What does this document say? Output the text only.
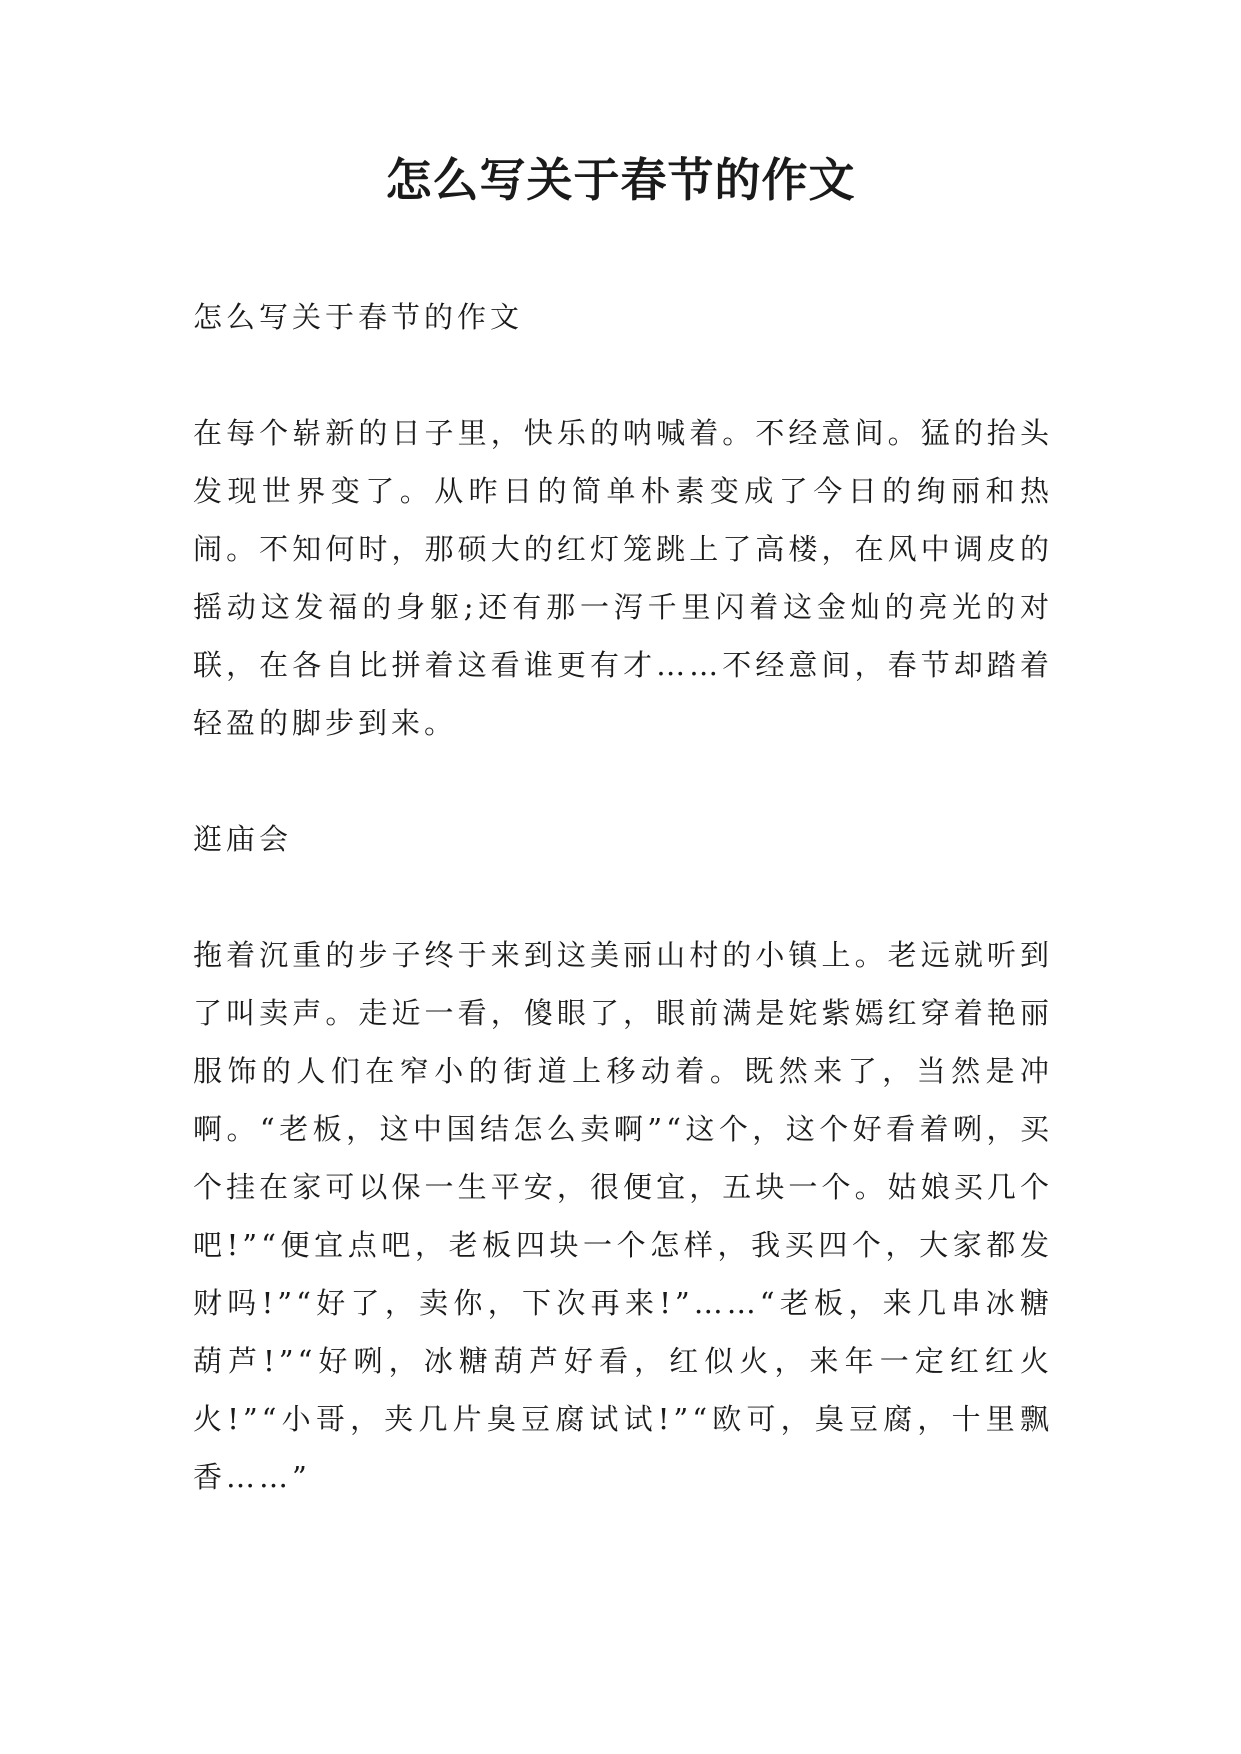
怎么写关于春节的作文

怎么写关于春节的作文

在每个崭新的日子里，快乐的呐喊着。不经意间。猛的抬头发现世界变了。从昨日的简单朴素变成了今日的绚丽和热闹。不知何时，那硕大的红灯笼跳上了高楼，在风中调皮的摇动这发福的身躯;还有那一泻千里闪着这金灿的亮光的对联，在各自比拼着这看谁更有才……不经意间，春节却踏着轻盈的脚步到来。

逛庙会

拖着沉重的步子终于来到这美丽山村的小镇上。老远就听到了叫卖声。走近一看，傻眼了，眼前满是姹紫嫣红穿着艳丽服饰的人们在窄小的街道上移动着。既然来了，当然是冲啊。“老板，这中国结怎么卖啊”“这个，这个好看着咧，买个挂在家可以保一生平安，很便宜，五块一个。姑娘买几个吧!”“便宜点吧，老板四块一个怎样，我买四个，大家都发财吗!”“好了，卖你，下次再来!”……“老板，来几串冰糖葫芦!”“好咧，冰糖葫芦好看，红似火，来年一定红红火火!”“小哥，夹几片臭豆腐试试!”“欧可，臭豆腐，十里飘香……”
